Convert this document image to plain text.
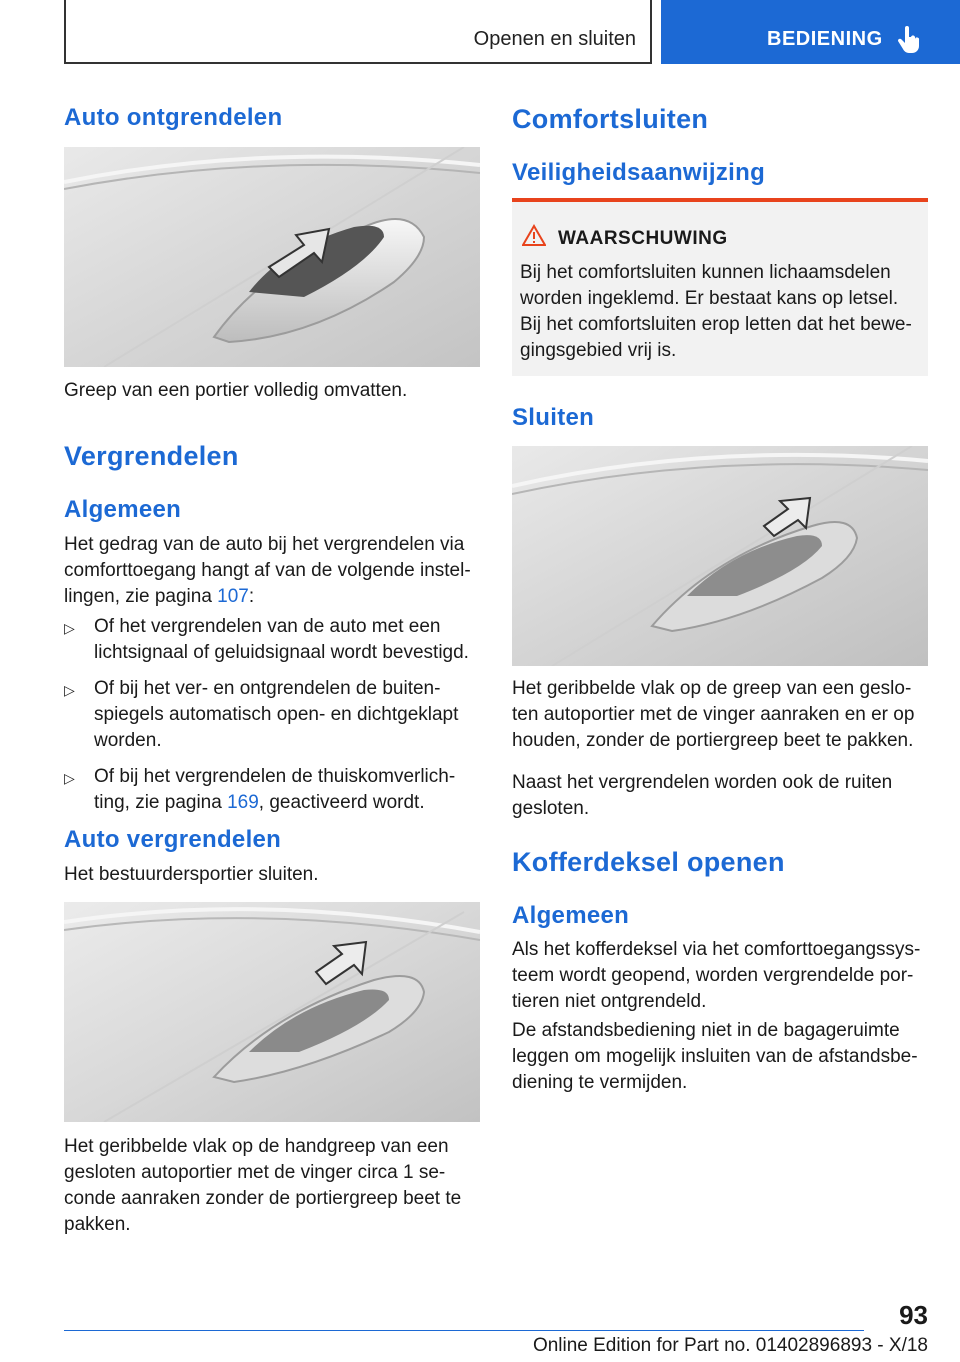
Openen en sluiten	BEDIENING
Auto ontgrendelen
Greep van een portier volledig omvatten.
Vergrendelen
Algemeen
Het gedrag van de auto bij het vergrendelen via comforttoegang hangt af van de volgende instel-lingen, zie pagina 107:
▷ Of het vergrendelen van de auto met een lichtsignaal of geluidsignaal wordt bevestigd.
▷ Of bij het ver- en ontgrendelen de buiten-spiegels automatisch open- en dichtgeklapt worden.
▷ Of bij het vergrendelen de thuiskomverlich-ting, zie pagina 169, geactiveerd wordt.
Auto vergrendelen
Het bestuurdersportier sluiten.
Het geribbelde vlak op de handgreep van een gesloten autoportier met de vinger circa 1 se-conde aanraken zonder de portiergreep beet te pakken.
Comfortsluiten
Veiligheidsaanwijzing
WAARSCHUWING
Bij het comfortsluiten kunnen lichaamsdelen worden ingeklemd. Er bestaat kans op letsel. Bij het comfortsluiten erop letten dat het bewe-gingsgebied vrij is.
Sluiten
Het geribbelde vlak op de greep van een geslo-ten autoportier met de vinger aanraken en er op houden, zonder de portiergreep beet te pakken.
Naast het vergrendelen worden ook de ruiten gesloten.
Kofferdeksel openen
Algemeen
Als het kofferdeksel via het comforttoegangssys-teem wordt geopend, worden vergrendelde por-tieren niet ontgrendeld.
De afstandsbediening niet in de bagageruimte leggen om mogelijk insluiten van de afstandsbe-diening te vermijden.
93
Online Edition for Part no. 01402896893 - X/18
